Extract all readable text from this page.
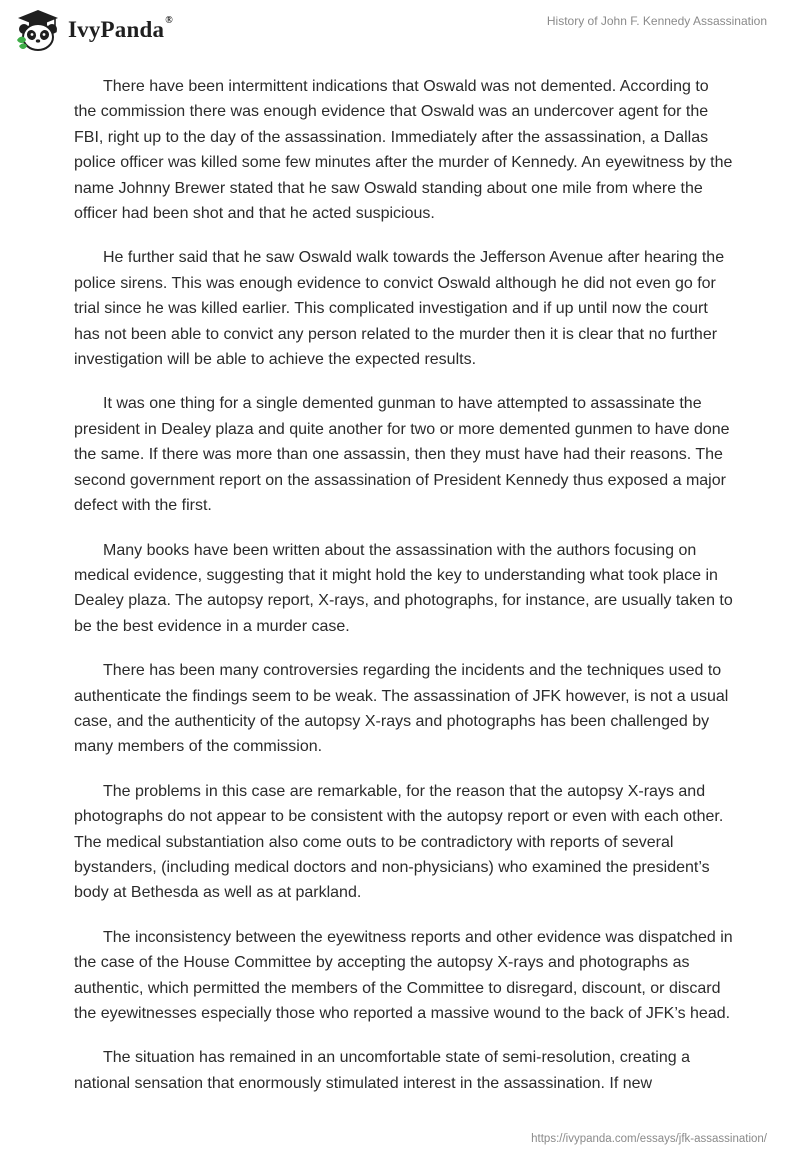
IvyPanda®	History of John F. Kennedy Assassination

There have been intermittent indications that Oswald was not demented. According to the commission there was enough evidence that Oswald was an undercover agent for the FBI, right up to the day of the assassination. Immediately after the assassination, a Dallas police officer was killed some few minutes after the murder of Kennedy. An eyewitness by the name Johnny Brewer stated that he saw Oswald standing about one mile from where the officer had been shot and that he acted suspicious.

He further said that he saw Oswald walk towards the Jefferson Avenue after hearing the police sirens. This was enough evidence to convict Oswald although he did not even go for trial since he was killed earlier. This complicated investigation and if up until now the court has not been able to convict any person related to the murder then it is clear that no further investigation will be able to achieve the expected results.

It was one thing for a single demented gunman to have attempted to assassinate the president in Dealey plaza and quite another for two or more demented gunmen to have done the same. If there was more than one assassin, then they must have had their reasons. The second government report on the assassination of President Kennedy thus exposed a major defect with the first.

Many books have been written about the assassination with the authors focusing on medical evidence, suggesting that it might hold the key to understanding what took place in Dealey plaza. The autopsy report, X-rays, and photographs, for instance, are usually taken to be the best evidence in a murder case.

There has been many controversies regarding the incidents and the techniques used to authenticate the findings seem to be weak. The assassination of JFK however, is not a usual case, and the authenticity of the autopsy X-rays and photographs has been challenged by many members of the commission.

The problems in this case are remarkable, for the reason that the autopsy X-rays and photographs do not appear to be consistent with the autopsy report or even with each other. The medical substantiation also come outs to be contradictory with reports of several bystanders, (including medical doctors and non-physicians) who examined the president’s body at Bethesda as well as at parkland.

The inconsistency between the eyewitness reports and other evidence was dispatched in the case of the House Committee by accepting the autopsy X-rays and photographs as authentic, which permitted the members of the Committee to disregard, discount, or discard the eyewitnesses especially those who reported a massive wound to the back of JFK’s head.

The situation has remained in an uncomfortable state of semi-resolution, creating a national sensation that enormously stimulated interest in the assassination. If new

https://ivypanda.com/essays/jfk-assassination/
